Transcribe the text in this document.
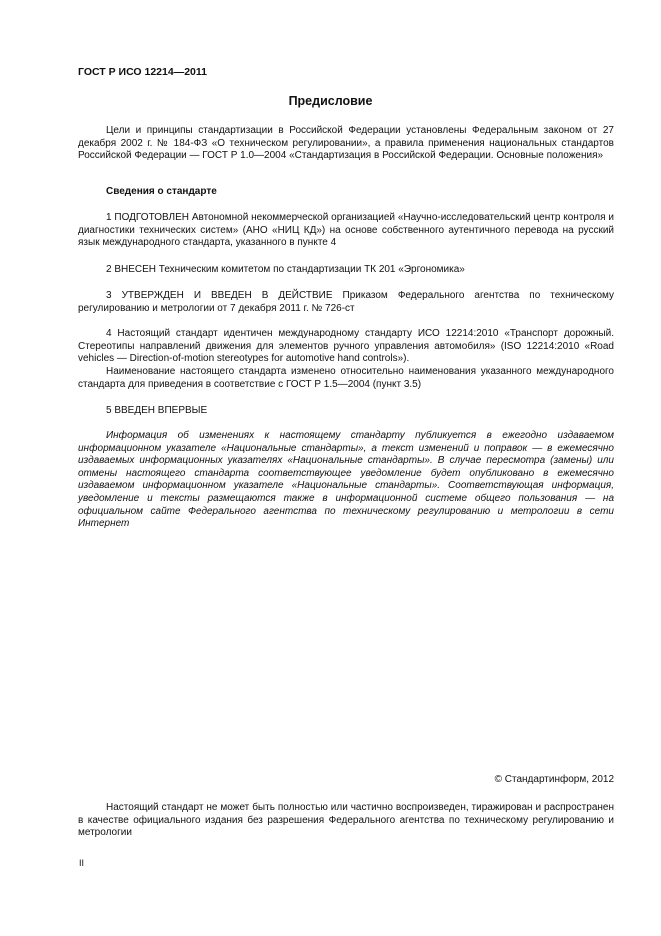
ГОСТ Р ИСО 12214—2011
Предисловие

Цели и принципы стандартизации в Российской Федерации установлены Федеральным законом от 27 декабря 2002 г. № 184-ФЗ «О техническом регулировании», а правила применения национальных стандартов Российской Федерации — ГОСТ Р 1.0—2004 «Стандартизация в Российской Федерации. Основные положения»

Сведения о стандарте

1 ПОДГОТОВЛЕН Автономной некоммерческой организацией «Научно-исследовательский центр контроля и диагностики технических систем» (АНО «НИЦ КД») на основе собственного аутентичного перевода на русский язык международного стандарта, указанного в пункте 4

2 ВНЕСЕН Техническим комитетом по стандартизации ТК 201 «Эргономика»

3 УТВЕРЖДЕН И ВВЕДЕН В ДЕЙСТВИЕ Приказом Федерального агентства по техническому регулированию и метрологии от 7 декабря 2011 г. № 726-ст

4 Настоящий стандарт идентичен международному стандарту ИСО 12214:2010 «Транспорт дорожный. Стереотипы направлений движения для элементов ручного управления автомобиля» (ISO 12214:2010 «Road vehicles — Direction-of-motion stereotypes for automotive hand controls»).

Наименование настоящего стандарта изменено относительно наименования указанного международного стандарта для приведения в соответствие с ГОСТ Р 1.5—2004 (пункт 3.5)

5 ВВЕДЕН ВПЕРВЫЕ

Информация об изменениях к настоящему стандарту публикуется в ежегодно издаваемом информационном указателе «Национальные стандарты», а текст изменений и поправок — в ежемесячно издаваемых информационных указателях «Национальные стандарты». В случае пересмотра (замены) или отмены настоящего стандарта соответствующее уведомление будет опубликовано в ежемесячно издаваемом информационном указателе «Национальные стандарты». Соответствующая информация, уведомление и тексты размещаются также в информационной системе общего пользования — на официальном сайте Федерального агентства по техническому регулированию и метрологии в сети Интернет

© Стандартинформ, 2012

Настоящий стандарт не может быть полностью или частично воспроизведен, тиражирован и распространен в качестве официального издания без разрешения Федерального агентства по техническому регулированию и метрологии

II
